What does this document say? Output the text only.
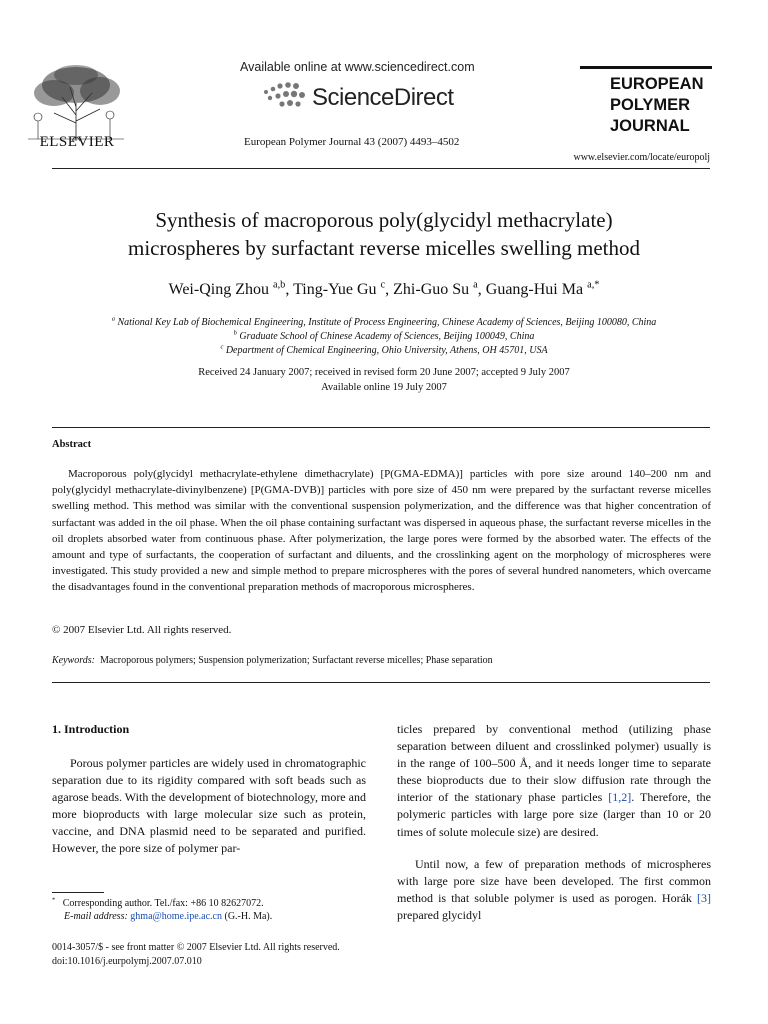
ELSEVIER
Available online at www.sciencedirect.com
ScienceDirect
European Polymer Journal 43 (2007) 4493–4502
EUROPEAN
POLYMER
JOURNAL
www.elsevier.com/locate/europolj
Synthesis of macroporous poly(glycidyl methacrylate)
microspheres by surfactant reverse micelles swelling method
Wei-Qing Zhou $^{a,b}$, Ting-Yue Gu $^c$, Zhi-Guo Su $^a$, Guang-Hui Ma $^{a,*}$
$^a$ National Key Lab of Biochemical Engineering, Institute of Process Engineering, Chinese Academy of Sciences, Beijing 100080, China
$^b$ Graduate School of Chinese Academy of Sciences, Beijing 100049, China
$^c$ Department of Chemical Engineering, Ohio University, Athens, OH 45701, USA
Received 24 January 2007; received in revised form 20 June 2007; accepted 9 July 2007
Available online 19 July 2007
Abstract
Macroporous poly(glycidyl methacrylate-ethylene dimethacrylate) [P(GMA-EDMA)] particles with pore size around 140–200 nm and poly(glycidyl methacrylate-divinylbenzene) [P(GMA-DVB)] particles with pore size of 450 nm were prepared by the surfactant reverse micelles swelling method. This method was similar with the conventional suspension polymerization, and the difference was that higher concentration of surfactant was added in the oil phase. When the oil phase containing surfactant was dispersed in aqueous phase, the surfactant reverse micelles in the oil droplets absorbed water from continuous phase. After polymerization, the large pores were formed by the absorbed water. The effects of the amount and type of surfactants, the cooperation of surfactant and diluents, and the crosslinking agent on the morphology of microspheres were investigated. This study provided a new and simple method to prepare microspheres with the pores of several hundred nanometers, which overcame the disadvantages found in the conventional preparation methods of macroporous microspheres.
© 2007 Elsevier Ltd. All rights reserved.
Keywords: Macroporous polymers; Suspension polymerization; Surfactant reverse micelles; Phase separation
1. Introduction
Porous polymer particles are widely used in chromatographic separation due to its rigidity compared with soft beads such as agarose beads. With the development of biotechnology, more and more bioproducts with large molecular size such as protein, vaccine, and DNA plasmid need to be separated and purified. However, the pore size of polymer par-
ticles prepared by conventional method (utilizing phase separation between diluent and crosslinked polymer) usually is in the range of 100–500 Å, and it needs longer time to separate these bioproducts due to their slow diffusion rate through the interior of the stationary phase particles [1,2]. Therefore, the polymeric particles with large pore size (larger than 10 or 20 times of solute molecule size) are desired.
Until now, a few of preparation methods of microspheres with large pore size have been developed. The first common method is that soluble polymer is used as porogen. Horák [3] prepared glycidyl
* Corresponding author. Tel./fax: +86 10 82627072.
E-mail address: ghma@home.ipe.ac.cn (G.-H. Ma).
0014-3057/$ - see front matter © 2007 Elsevier Ltd. All rights reserved.
doi:10.1016/j.eurpolymj.2007.07.010
